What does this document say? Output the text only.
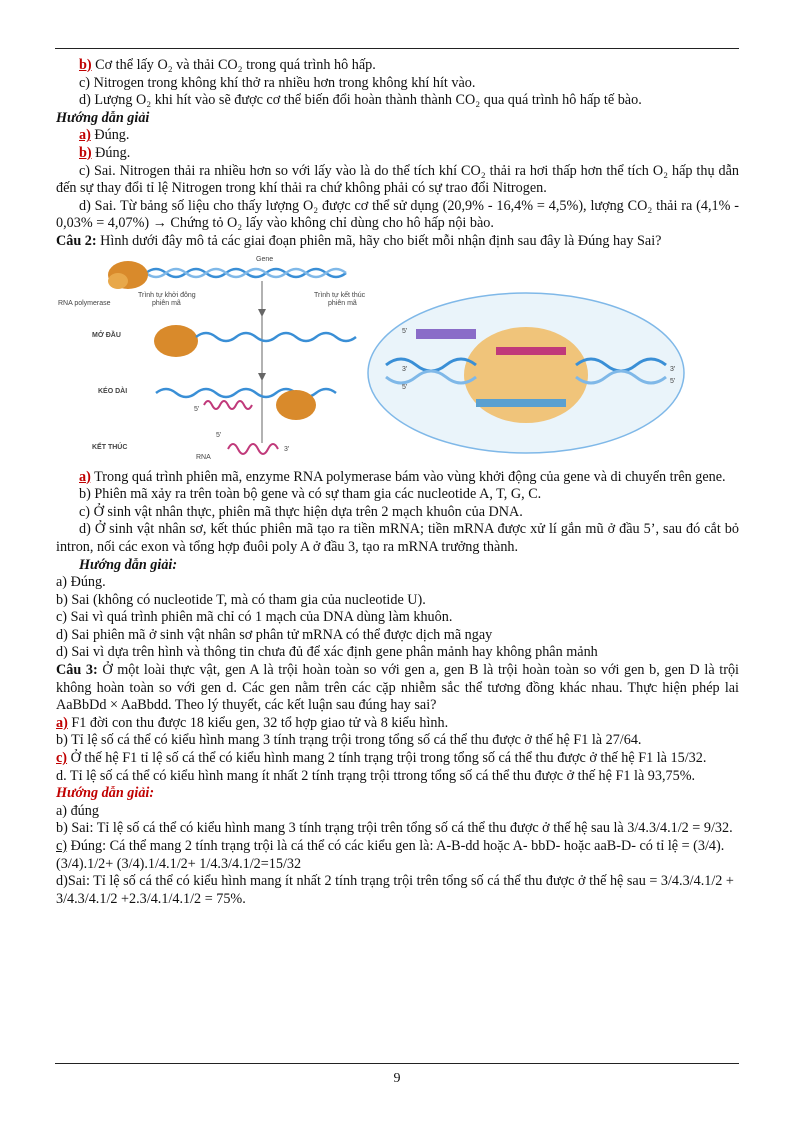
b) Cơ thể lấy O₂ và thải CO₂ trong quá trình hô hấp.

c) Nitrogen trong không khí thở ra nhiều hơn trong không khí hít vào.

d) Lượng O₂ khi hít vào sẽ được cơ thể biến đổi hoàn thành thành CO₂ qua quá trình hô hấp tế bào.

Hướng dẫn giải

a) Đúng.

b) Đúng.

c) Sai. Nitrogen thải ra nhiều hơn so với lấy vào là do thể tích khí CO₂ thải ra hơi thấp hơn thể tích O₂ hấp thụ dẫn đến sự thay đổi tỉ lệ Nitrogen trong khí thải ra chứ không phải có sự trao đổi Nitrogen.

d) Sai. Từ bảng số liệu cho thấy lượng O₂ được cơ thể sử dụng (20,9% - 16,4% = 4,5%), lượng CO₂ thải ra (4,1% - 0,03% = 4,07%) → Chứng tỏ O₂ lấy vào không chỉ dùng cho hô hấp nội bào.

Câu 2: Hình dưới đây mô tả các giai đoạn phiên mã, hãy cho biết mỗi nhận định sau đây là Đúng hay Sai?

Gene
RNA polymerase
Trình tự khởi đông
phiên mã
Trình tự kết thúc
phiên mã
MỞ ĐẦU
KÉO DÀI
5'
5'
3'
5'
3'
5'
KẾT THÚC
5'
3'
RNA

a) Trong quá trình phiên mã, enzyme RNA polymerase bám vào vùng khởi động của gene và di chuyển trên gene.

b) Phiên mã xảy ra trên toàn bộ gene và có sự tham gia các nucleotide A, T, G, C.

c) Ở sinh vật nhân thực, phiên mã thực hiện dựa trên 2 mạch khuôn của DNA.

d) Ở sinh vật nhân sơ, kết thúc phiên mã tạo ra tiền mRNA; tiền mRNA được xử lí gắn mũ ở đầu 5’, sau đó cắt bỏ intron, nối các exon và tổng hợp đuôi poly A ở đầu 3, tạo ra mRNA trưởng thành.

Hướng dẫn giải:

a) Đúng.

b) Sai (không có nucleotide T, mà có tham gia của nucleotide U).

c) Sai vì quá trình phiên mã chỉ có 1 mạch của DNA dùng làm khuôn.

d) Sai phiên mã ở sinh vật nhân sơ phân tử mRNA có thể được dịch mã ngay

d) Sai vì dựa trên hình và thông tin chưa đủ để xác định gene phân mảnh hay không phân mảnh

Câu 3: Ở một loài thực vật, gen A là trội hoàn toàn so với gen a, gen B là trội hoàn toàn so với gen b, gen D là trội không hoàn toàn so với gen d. Các gen nằm trên các cặp nhiễm sắc thể tương đồng khác nhau. Thực hiện phép lai AaBbDd × AaBbdd. Theo lý thuyết, các kết luận sau đúng hay sai?

a) F1 đời con thu được 18 kiểu gen, 32 tổ hợp giao tử và 8 kiểu hình.

b) Tỉ lệ số cá thể có kiểu hình mang 3 tính trạng trội trong tổng số cá thể thu được ở thế hệ F1 là 27/64.

c) Ở thế hệ F1 tỉ lệ số cá thể có kiểu hình mang 2 tính trạng trội trong tổng số cá thể thu được ở thế hệ F1 là 15/32.

d. Tỉ lệ số cá thể có kiểu hình mang ít nhất 2 tính trạng trội ttrong tổng số cá thể thu được ở thế hệ F1 là 93,75%.

Hướng dẫn giải:

a) đúng

b) Sai: Tỉ lệ số cá thể có kiểu hình mang 3 tính trạng trội trên tổng số cá thể thu được ở thế hệ sau là 3/4.3/4.1/2 = 9/32.

c) Đúng: Cá thể mang 2 tính trạng trội là cá thể có các kiểu gen là: A-B-dd hoặc A- bbD- hoặc aaB-D- có tỉ lệ = (3/4).(3/4).1/2+ (3/4).1/4.1/2+ 1/4.3/4.1/2=15/32

d)Sai: Tỉ lệ số cá thể có kiểu hình mang ít nhất 2 tính trạng trội trên tổng số cá thể thu được ở thế hệ sau = 3/4.3/4.1/2 + 3/4.3/4.1/2 +2.3/4.1/4.1/2 = 75%.

9
